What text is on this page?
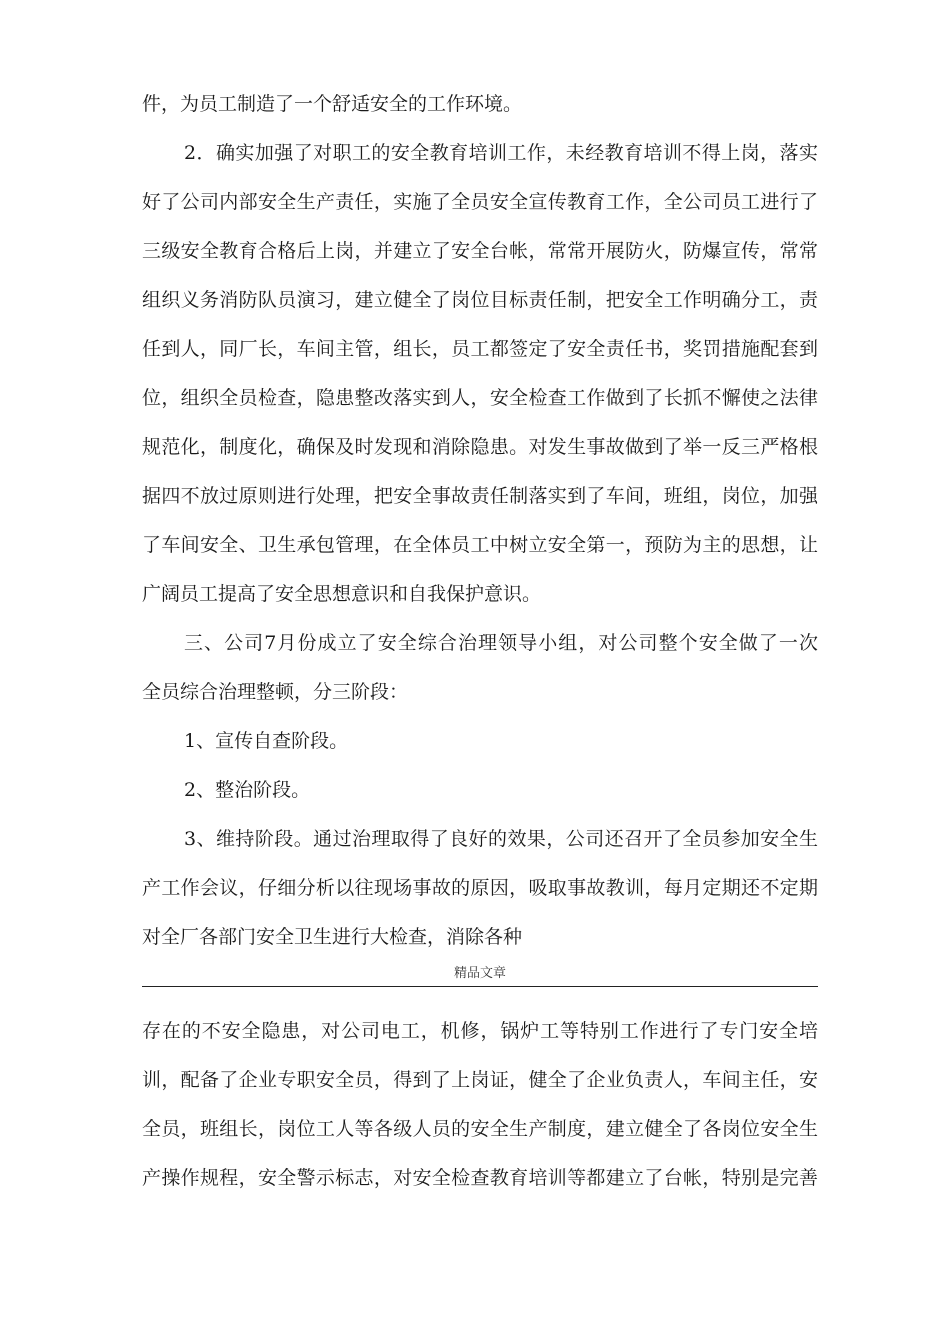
件，为员工制造了一个舒适安全的工作环境。
2．确实加强了对职工的安全教育培训工作，未经教育培训不得上岗，落实
好了公司内部安全生产责任，实施了全员安全宣传教育工作，全公司员工进行了
三级安全教育合格后上岗，并建立了安全台帐，常常开展防火，防爆宣传，常常
组织义务消防队员演习，建立健全了岗位目标责任制，把安全工作明确分工，责
任到人，同厂长，车间主管，组长，员工都签定了安全责任书，奖罚措施配套到
位，组织全员检查，隐患整改落实到人，安全检查工作做到了长抓不懈使之法律
规范化，制度化，确保及时发现和消除隐患。对发生事故做到了举一反三严格根
据四不放过原则进行处理，把安全事故责任制落实到了车间，班组，岗位，加强
了车间安全、卫生承包管理，在全体员工中树立安全第一，预防为主的思想，让
广阔员工提高了安全思想意识和自我保护意识。
三、公司7月份成立了安全综合治理领导小组，对公司整个安全做了一次
全员综合治理整顿，分三阶段：
1、宣传自查阶段。
2、整治阶段。
3、维持阶段。通过治理取得了良好的效果，公司还召开了全员参加安全生
产工作会议，仔细分析以往现场事故的原因，吸取事故教训，每月定期还不定期
对全厂各部门安全卫生进行大检查，消除各种
精品文章
存在的不安全隐患，对公司电工，机修，锅炉工等特别工作进行了专门安全培
训，配备了企业专职安全员，得到了上岗证，健全了企业负责人，车间主任，安
全员，班组长，岗位工人等各级人员的安全生产制度，建立健全了各岗位安全生
产操作规程，安全警示标志，对安全检查教育培训等都建立了台帐，特别是完善
